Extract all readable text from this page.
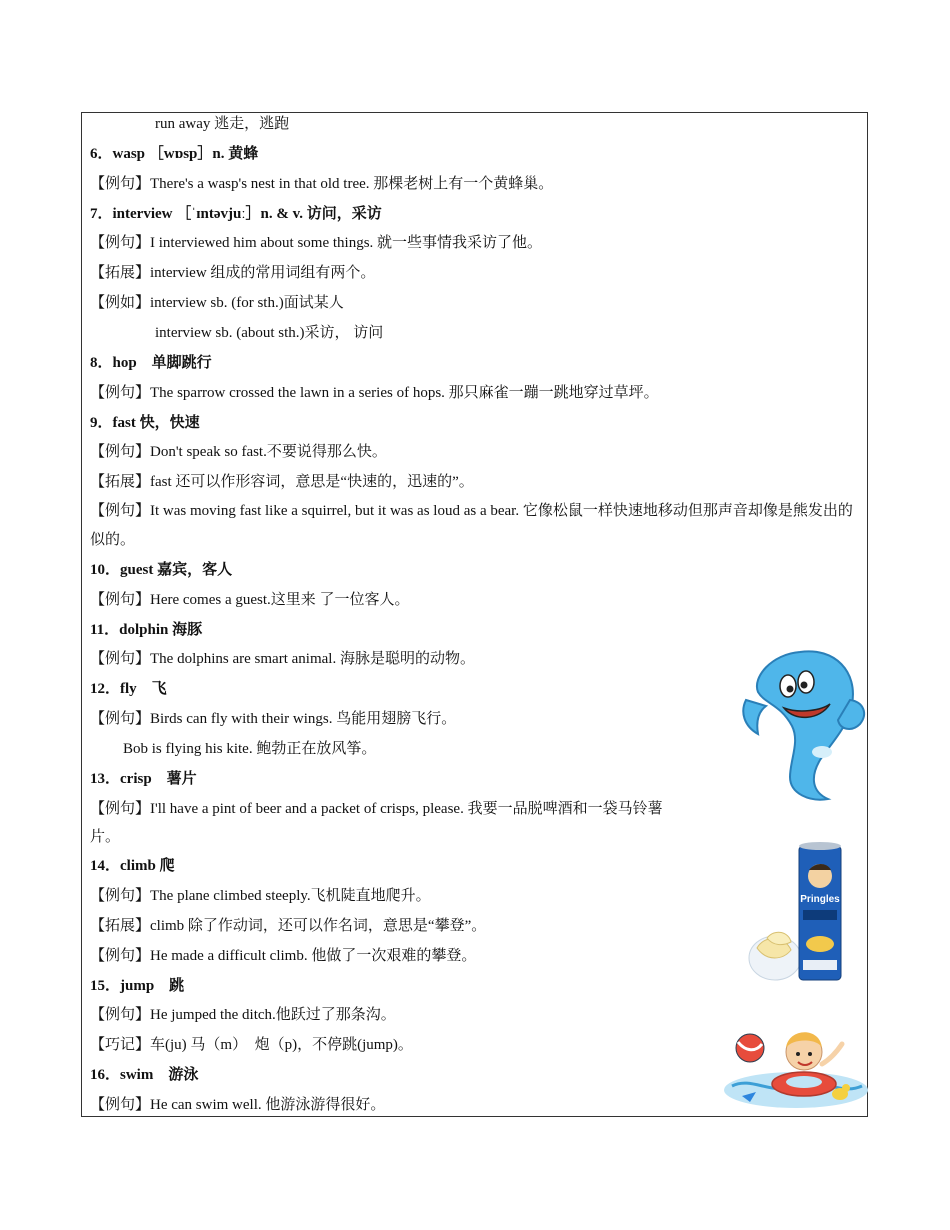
run away 逃走，逃跑
6．wasp ［wɒsp］n. 黄蜂
【例句】There's a wasp's nest in that old tree. 那棵老树上有一个黄蜂巢。
7．interview ［ˈɪntəvjuː］n. & v. 访问，采访
【例句】I interviewed him about some things. 就一些事情我采访了他。
【拓展】interview 组成的常用词组有两个。
【例如】interview sb. (for sth.)面试某人
interview sb. (about sth.)采访， 访问
8．hop　单脚跳行
【例句】The sparrow crossed the lawn in a series of hops. 那只麻雀一蹦一跳地穿过草坪。
9．fast 快，快速
【例句】Don't speak so fast.不要说得那么快。
【拓展】fast 还可以作形容词，意思是“快速的，迅速的”。
【例句】It was moving fast like a squirrel, but it was as loud as a bear. 它像松鼠一样快速地移动但那声音却像是熊发出的似的。
10．guest 嘉宾，客人
【例句】Here comes a guest.这里来 了一位客人。
11．dolphin 海豚
【例句】The dolphins are smart animal. 海脉是聪明的动物。
12．fly　飞
【例句】Birds can fly with their wings. 鸟能用翅膀飞行。
Bob is flying his kite. 鲍勃正在放风筝。
13．crisp　薯片
【例句】I'll have a pint of beer and a packet of crisps, please. 我要一品脱啤酒和一袋马铃薯
片。
14．climb 爬
【例句】The plane climbed steeply.飞机陡直地爬升。
【拓展】climb 除了作动词，还可以作名词，意思是“攀登”。
【例句】He made a difficult climb. 他做了一次艰难的攀登。
15．jump　跳
【例句】He jumped the ditch.他跃过了那条沟。
【巧记】车(ju) 马（m）　炮（p)，不停跳(jump)。
16．swim　游泳
【例句】He can swim well. 他游泳游得很好。
Pringles
